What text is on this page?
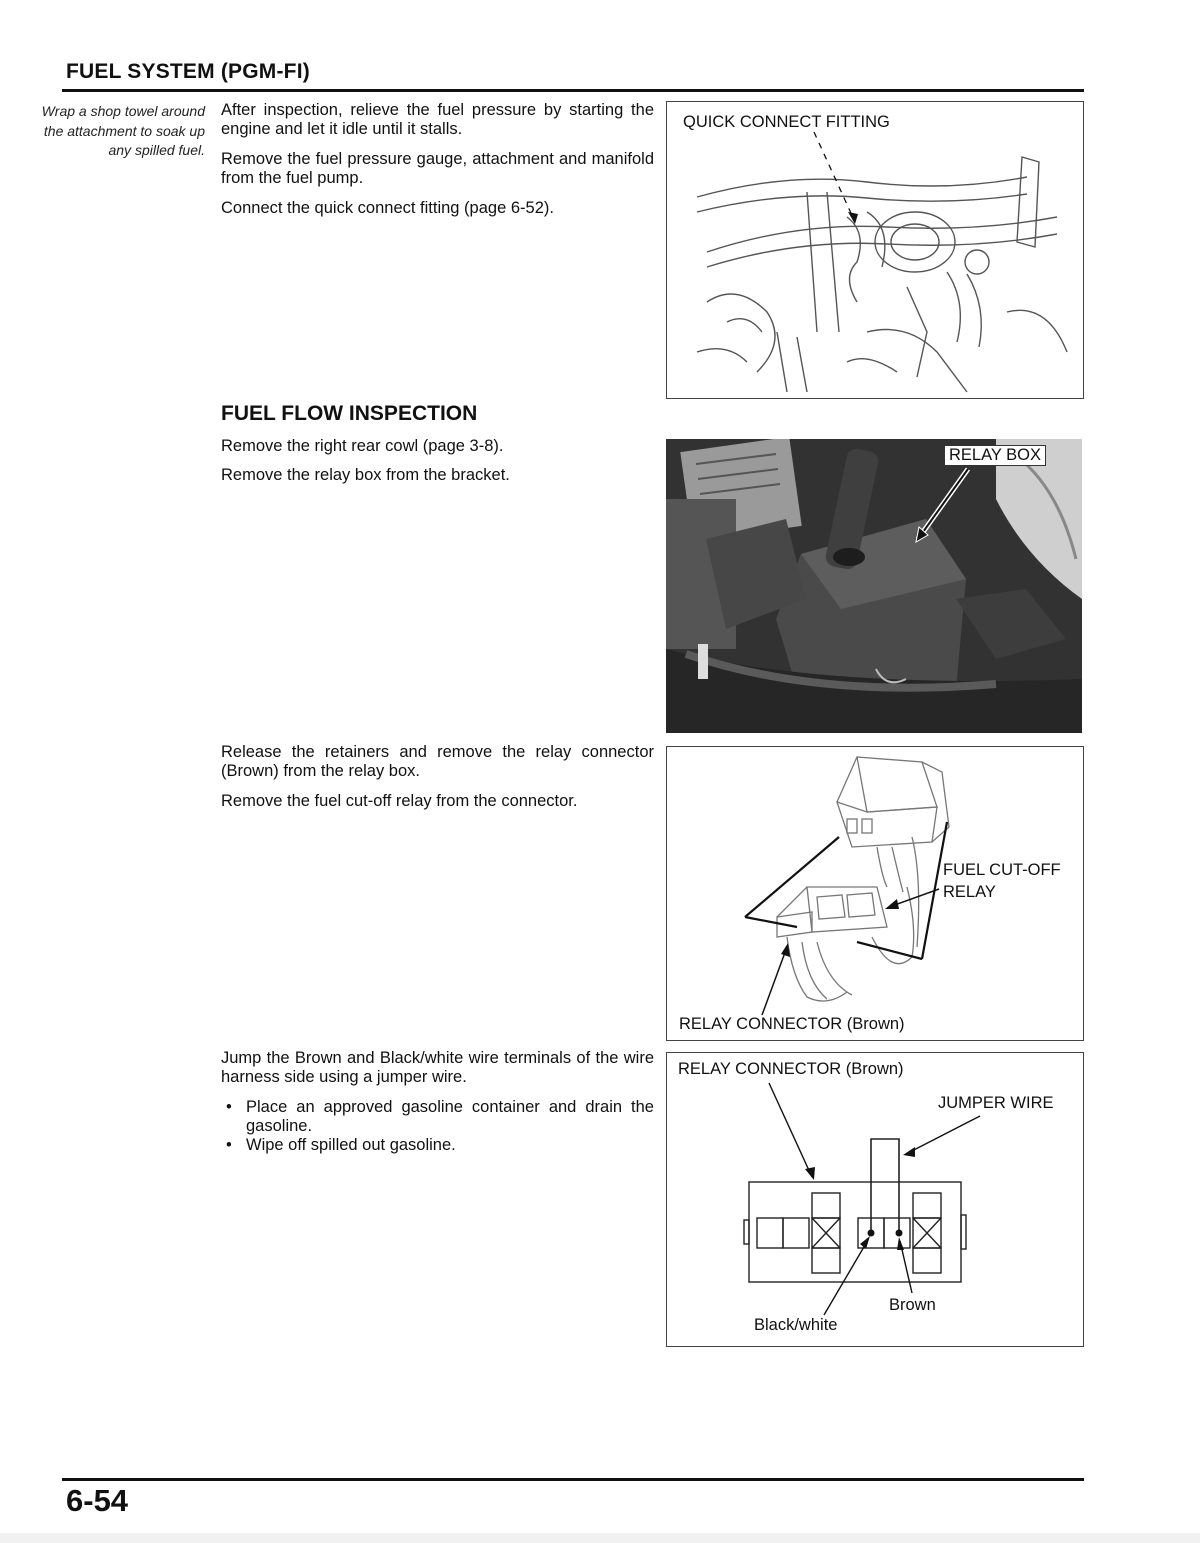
FUEL SYSTEM (PGM-FI)
Wrap a shop towel around the attachment to soak up any spilled fuel.
After inspection, relieve the fuel pressure by starting the engine and let it idle until it stalls.
Remove the fuel pressure gauge, attachment and manifold from the fuel pump.
Connect the quick connect fitting (page 6-52).
FUEL FLOW INSPECTION
Remove the right rear cowl (page 3-8).
Remove the relay box from the bracket.
Release the retainers and remove the relay connector (Brown) from the relay box.
Remove the fuel cut-off relay from the connector.
Jump the Brown and Black/white wire terminals of the wire harness side using a jumper wire.
• Place an approved gasoline container and drain the gasoline.
• Wipe off spilled out gasoline.
QUICK CONNECT FITTING
RELAY BOX
FUEL CUT-OFF
RELAY
RELAY CONNECTOR (Brown)
RELAY CONNECTOR (Brown)
JUMPER WIRE
Brown
Black/white
6-54
